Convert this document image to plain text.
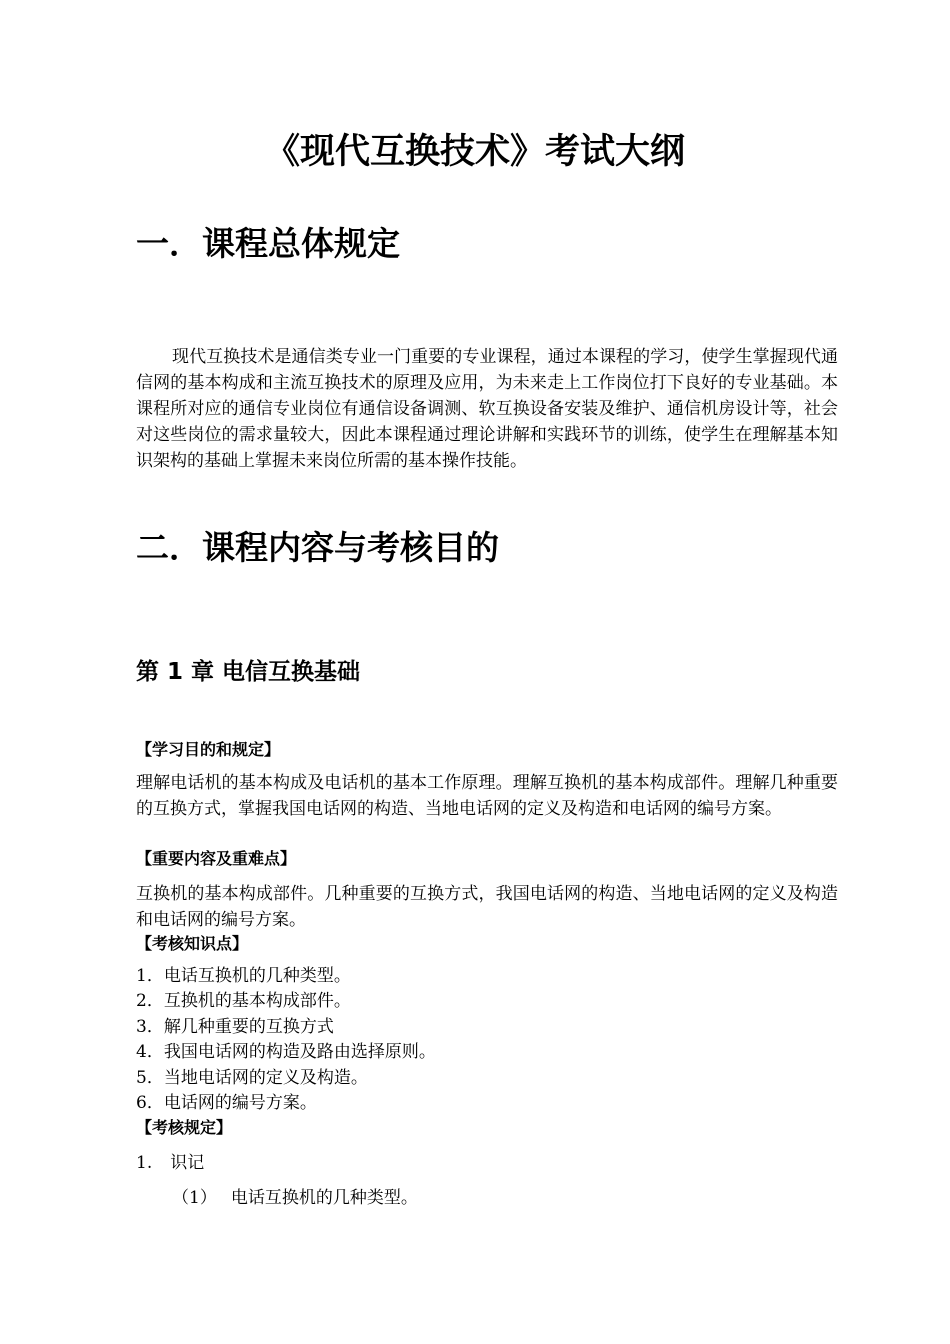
《现代互换技术》考试大纲
一．课程总体规定

现代互换技术是通信类专业一门重要的专业课程，通过本课程的学习，使学生掌握现代通信网的基本构成和主流互换技术的原理及应用，为未来走上工作岗位打下良好的专业基础。本课程所对应的通信专业岗位有通信设备调测、软互换设备安装及维护、通信机房设计等，社会对这些岗位的需求量较大，因此本课程通过理论讲解和实践环节的训练，使学生在理解基本知识架构的基础上掌握未来岗位所需的基本操作技能。

二．课程内容与考核目的
第 1 章 电信互换基础
【学习目的和规定】

理解电话机的基本构成及电话机的基本工作原理。理解互换机的基本构成部件。理解几种重要的互换方式，掌握我国电话网的构造、当地电话网的定义及构造和电话网的编号方案。

【重要内容及重难点】

互换机的基本构成部件。几种重要的互换方式，我国电话网的构造、当地电话网的定义及构造和电话网的编号方案。

【考核知识点】
1．电话互换机的几种类型。
2．互换机的基本构成部件。
3．解几种重要的互换方式
4．我国电话网的构造及路由选择原则。
5．当地电话网的定义及构造。
6．电话网的编号方案。
【考核规定】
1. 识记
（1） 电话互换机的几种类型。
